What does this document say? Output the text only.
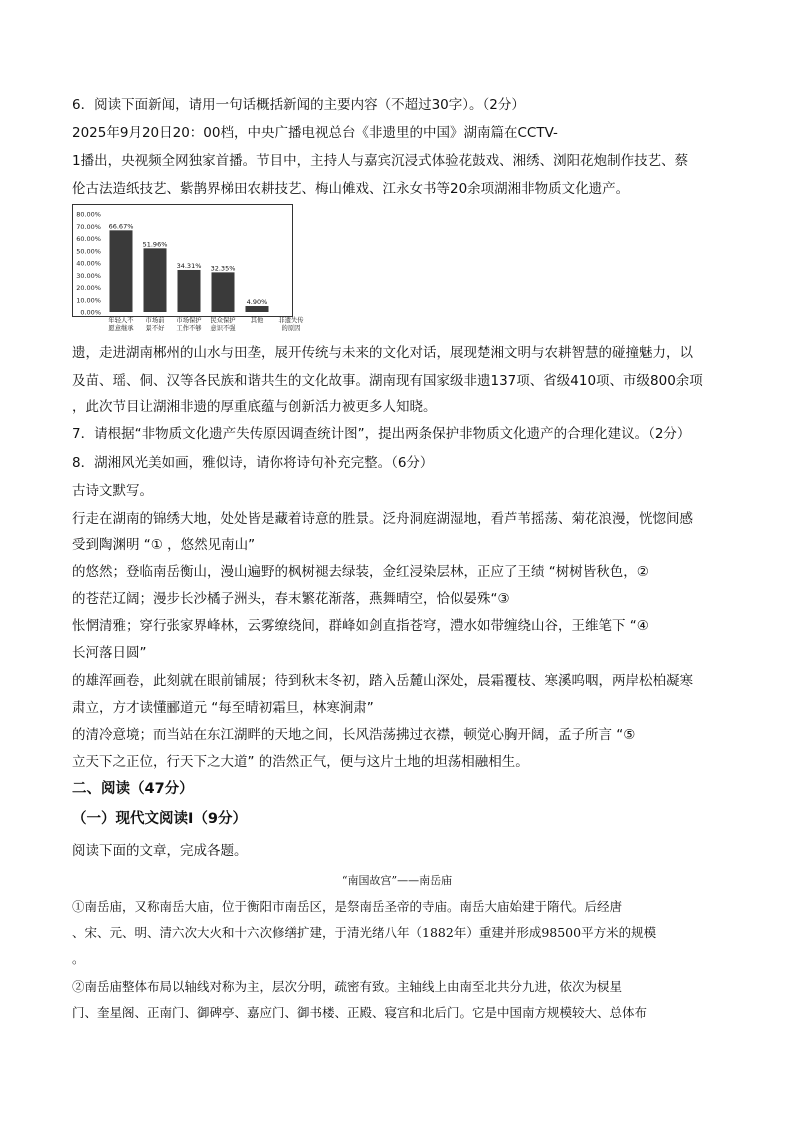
6．阅读下面新闻，请用一句话概括新闻的主要内容（不超过30字）。（2分）
2025年9月20日20：00档，中央广播电视总台《非遗里的中国》湖南篇在CCTV-
1播出，央视频全网独家首播。节目中，主持人与嘉宾沉浸式体验花鼓戏、湘绣、浏阳花炮制作技艺、蔡
伦古法造纸技艺、紫鹊界梯田农耕技艺、梅山傩戏、江永女书等20余项湖湘非物质文化遗产。
80.00%
70.00%
60.00%
50.00%
40.00%
30.00%
20.00%
10.00%
0.00%
66.67%
51.96%
34.31% 32.35%
4.90%
年轻人不
愿意继承
市场前
景不好
市场保护
工作不够
民众保护
意识不强
其他 非遗失传
的原因
遗，走进湖南郴州的山水与田垄，展开传统与未来的文化对话，展现楚湘文明与农耕智慧的碰撞魅力，以
及苗、瑶、侗、汉等各民族和谐共生的文化故事。湖南现有国家级非遗137项、省级410项、市级800余项
，此次节目让湖湘非遗的厚重底蕴与创新活力被更多人知晓。
7．请根据“非物质文化遗产失传原因调查统计图”，提出两条保护非物质文化遗产的合理化建议。（2分）
8．湖湘风光美如画，雅似诗，请你将诗句补充完整。（6分）
古诗文默写。
行走在湖南的锦绣大地，处处皆是藏着诗意的胜景。泛舟洞庭湖湿地，看芦苇摇荡、菊花浪漫，恍惚间感
受到陶渊明 “① ，悠然见南山”
的悠然；登临南岳衡山，漫山遍野的枫树褪去绿装，金红浸染层林，正应了王绩 “树树皆秋色，②
的苍茫辽阔；漫步长沙橘子洲头，春末繁花渐落，燕舞晴空，恰似晏殊“③
怅惘清雅；穿行张家界峰林，云雾缭绕间，群峰如剑直指苍穹，澧水如带缠绕山谷，王维笔下 “④
长河落日圆”
的雄浑画卷，此刻就在眼前铺展；待到秋末冬初，踏入岳麓山深处，晨霜覆枝、寒溪呜咽，两岸松柏凝寒
肃立，方才读懂郦道元 “每至晴初霜旦，林寒涧肃”
的清冷意境；而当站在东江湖畔的天地之间，长风浩荡拂过衣襟，顿觉心胸开阔，孟子所言 “⑤
立天下之正位，行天下之大道” 的浩然正气，便与这片土地的坦荡相融相生。
二、阅读（47分）
（一）现代文阅读Ⅰ（9分）
阅读下面的文章，完成各题。
“南国故宫”——南岳庙
①南岳庙，又称南岳大庙，位于衡阳市南岳区，是祭南岳圣帝的寺庙。南岳大庙始建于隋代。后经唐
、宋、元、明、清六次大火和十六次修缮扩建，于清光绪八年（1882年）重建并形成98500平方米的规模
。
②南岳庙整体布局以轴线对称为主，层次分明，疏密有致。主轴线上由南至北共分九进，依次为棂星
门、奎星阁、正南门、御碑亭、嘉应门、御书楼、正殿、寝宫和北后门。它是中国南方规模较大、总体布
